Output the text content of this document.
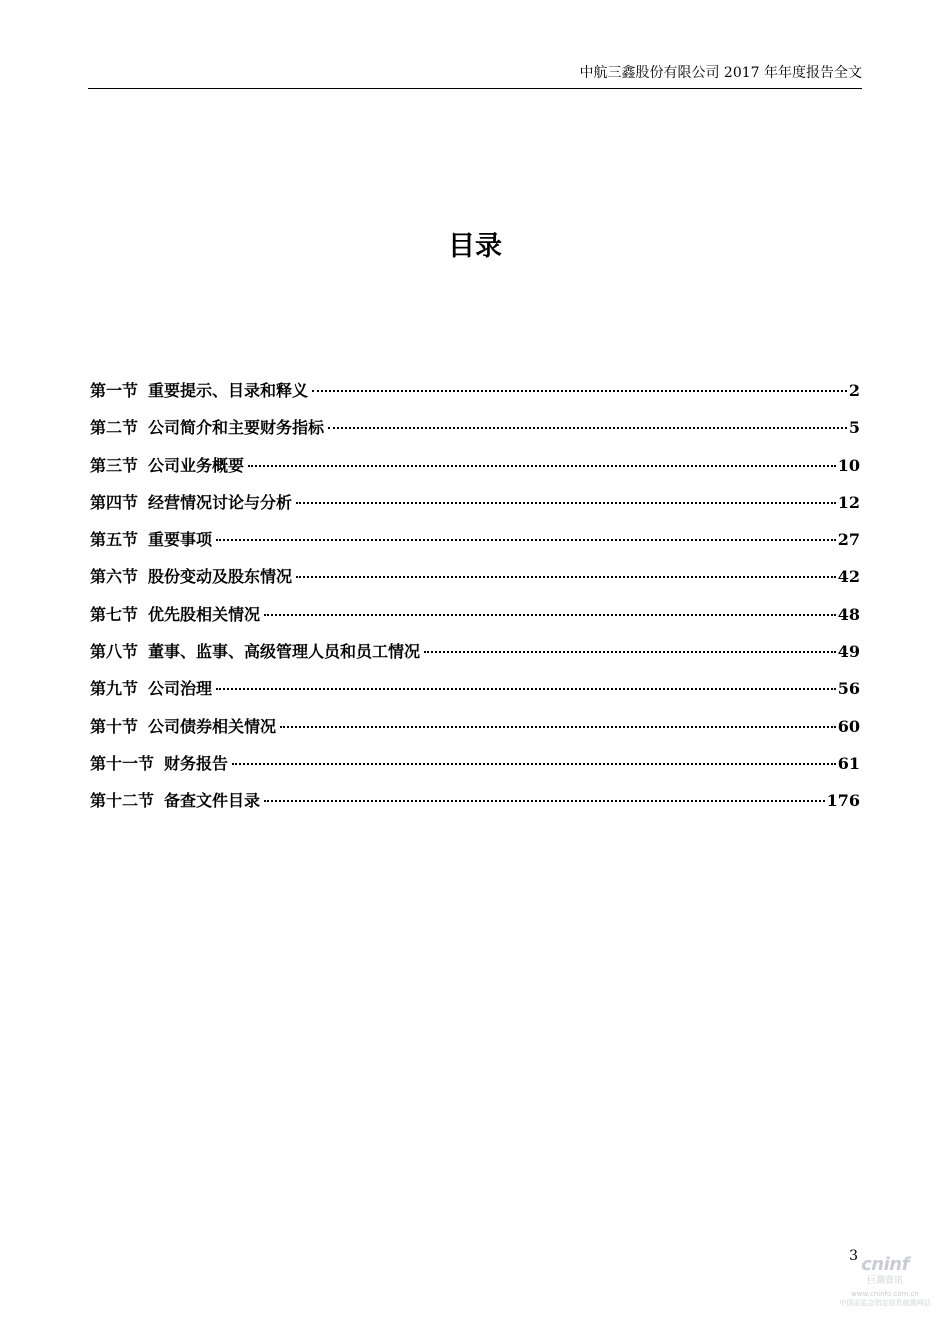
中航三鑫股份有限公司 2017 年年度报告全文
目录
第一节 重要提示、目录和释义	2
第二节 公司简介和主要财务指标	5
第三节 公司业务概要	10
第四节 经营情况讨论与分析	12
第五节 重要事项	27
第六节 股份变动及股东情况	42
第七节 优先股相关情况	48
第八节 董事、监事、高级管理人员和员工情况	49
第九节 公司治理	56
第十节 公司债券相关情况	60
第十一节 财务报告	61
第十二节 备查文件目录	176
3 cninf
巨潮资讯
www.cninfo.com.cn
中国证监会指定信息披露网站
